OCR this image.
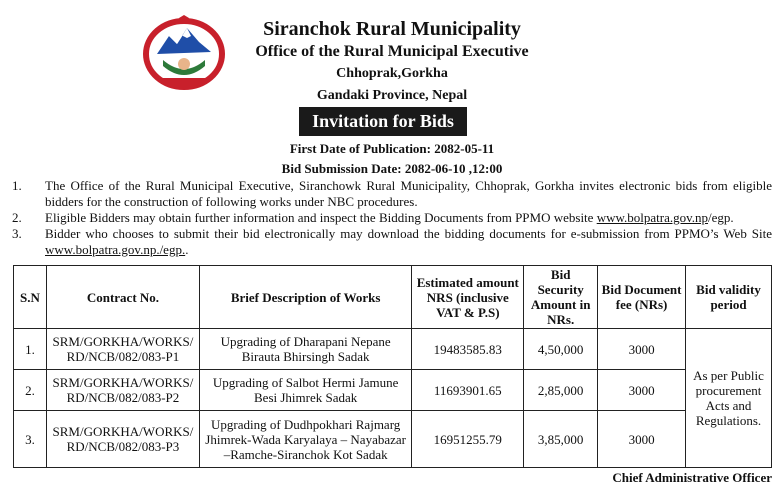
Siranchok Rural Municipality
Office of the Rural Municipal Executive
Chhoprak,Gorkha
Gandaki Province, Nepal
Invitation for Bids
First Date of Publication: 2082-05-11
Bid Submission Date: 2082-06-10 ,12:00
1. The Office of the Rural Municipal Executive, Siranchowk Rural Municipality, Chhoprak, Gorkha invites electronic bids from eligible bidders for the construction of following works under NBC procedures.
2. Eligible Bidders may obtain further information and inspect the Bidding Documents from PPMO website www.bolpatra.gov.np/egp.
3. Bidder who chooses to submit their bid electronically may download the bidding documents for e-submission from PPMO’s Web Site www.bolpatra.gov.np./egp..
S.N	Contract No.	Brief Description of Works	Estimated amount NRS (inclusive VAT & P.S)	Bid Security Amount in NRs.	Bid Document fee (NRs)	Bid validity period
1.	SRM/GORKHA/WORKS/ RD/NCB/082/083-P1	Upgrading of Dharapani Nepane Birauta Bhirsingh Sadak	19483585.83	4,50,000	3000	As per Public procurement Acts and Regulations.
2.	SRM/GORKHA/WORKS/ RD/NCB/082/083-P2	Upgrading of Salbot Hermi Jamune Besi Jhimrek Sadak	11693901.65	2,85,000	3000	
3.	SRM/GORKHA/WORKS/ RD/NCB/082/083-P3	Upgrading of Dudhpokhari Rajmarg Jhimrek-Wada Karyalaya – Nayabazar –Ramche-Siranchok Kot Sadak	16951255.79	3,85,000	3000	
Chief Administrative Officer
